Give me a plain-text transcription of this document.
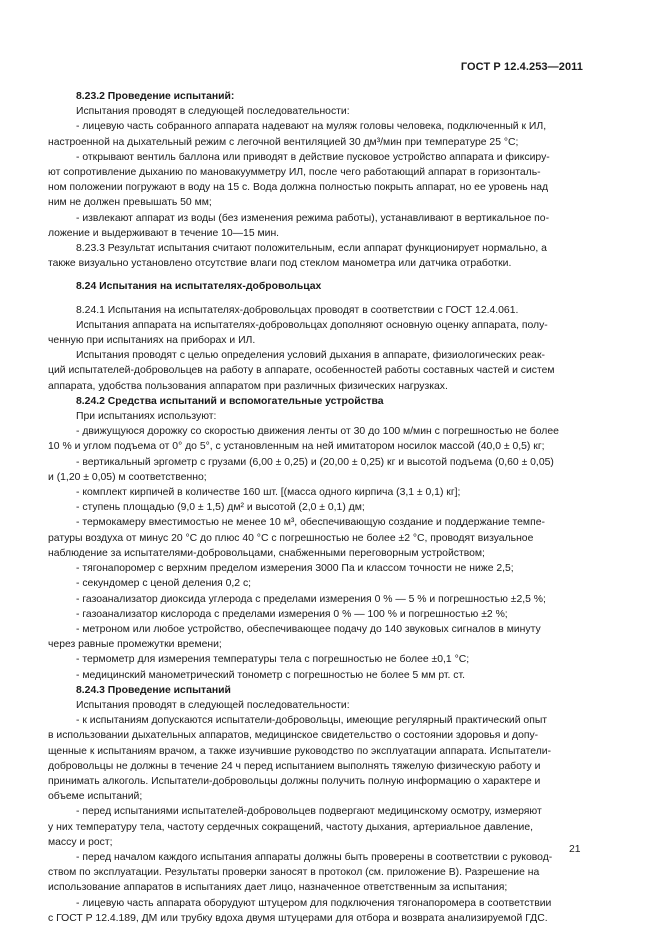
ГОСТ Р 12.4.253—2011
8.23.2 Проведение испытаний:
Испытания проводят в следующей последовательности:
- лицевую часть собранного аппарата надевают на муляж головы человека, подключенный к ИЛ,
настроенной на дыхательный режим с легочной вентиляцией 30 дм³/мин при температуре 25 °С;
- открывают вентиль баллона или приводят в действие пусковое устройство аппарата и фиксиру-
ют сопротивление дыханию по мановакуумметру ИЛ, после чего работающий аппарат в горизонталь-
ном положении погружают в воду на 15 с. Вода должна полностью покрыть аппарат, но ее уровень над
ним не должен превышать 50 мм;
- извлекают аппарат из воды (без изменения режима работы), устанавливают в вертикальное по-
ложение и выдерживают в течение 10—15 мин.
8.23.3 Результат испытания считают положительным, если аппарат функционирует нормально, а
также визуально установлено отсутствие влаги под стеклом манометра или датчика отработки.
8.24 Испытания на испытателях-добровольцах
8.24.1 Испытания на испытателях-добровольцах проводят в соответствии с ГОСТ 12.4.061.
Испытания аппарата на испытателях-добровольцах дополняют основную оценку аппарата, полу-
ченную при испытаниях на приборах и ИЛ.
Испытания проводят с целью определения условий дыхания в аппарате, физиологических реак-
ций испытателей-добровольцев на работу в аппарате, особенностей работы составных частей и систем
аппарата, удобства пользования аппаратом при различных физических нагрузках.
8.24.2 Средства испытаний и вспомогательные устройства
При испытаниях используют:
- движущуюся дорожку со скоростью движения ленты от 30 до 100 м/мин с погрешностью не более
10 % и углом подъема от 0° до 5°, с установленным на ней имитатором носилок массой (40,0 ± 0,5) кг;
- вертикальный эргометр с грузами (6,00 ± 0,25) и (20,00 ± 0,25) кг и высотой подъема (0,60 ± 0,05)
и (1,20 ± 0,05) м соответственно;
- комплект кирпичей в количестве 160 шт. [(масса одного кирпича (3,1 ± 0,1) кг];
- ступень площадью (9,0 ± 1,5) дм² и высотой (2,0 ± 0,1) дм;
- термокамеру вместимостью не менее 10 м³, обеспечивающую создание и поддержание темпе-
ратуры воздуха от минус 20 °С до плюс 40 °С с погрешностью не более ±2 °С, проводят визуальное
наблюдение за испытателями-добровольцами, снабженными переговорным устройством;
- тягонапоромер с верхним пределом измерения 3000 Па и классом точности не ниже 2,5;
- секундомер с ценой деления 0,2 с;
- газоанализатор диоксида углерода с пределами измерения 0 % — 5 % и погрешностью ±2,5 %;
- газоанализатор кислорода с пределами измерения 0 % — 100 % и погрешностью ±2 %;
- метроном или любое устройство, обеспечивающее подачу до 140 звуковых сигналов в минуту
через равные промежутки времени;
- термометр для измерения температуры тела с погрешностью не более ±0,1 °С;
- медицинский манометрический тонометр с погрешностью не более 5 мм рт. ст.
8.24.3 Проведение испытаний
Испытания проводят в следующей последовательности:
- к испытаниям допускаются испытатели-добровольцы, имеющие регулярный практический опыт
в использовании дыхательных аппаратов, медицинское свидетельство о состоянии здоровья и допу-
щенные к испытаниям врачом, а также изучившие руководство по эксплуатации аппарата. Испытатели-
добровольцы не должны в течение 24 ч перед испытанием выполнять тяжелую физическую работу и
принимать алкоголь. Испытатели-добровольцы должны получить полную информацию о характере и
объеме испытаний;
- перед испытаниями испытателей-добровольцев подвергают медицинскому осмотру, измеряют
у них температуру тела, частоту сердечных сокращений, частоту дыхания, артериальное давление,
массу и рост;
- перед началом каждого испытания аппараты должны быть проверены в соответствии с руковод-
ством по эксплуатации. Результаты проверки заносят в протокол (см. приложение В). Разрешение на
использование аппаратов в испытаниях дает лицо, назначенное ответственным за испытания;
- лицевую часть аппарата оборудуют штуцером для подключения тягонапоромера в соответствии
с ГОСТ Р 12.4.189, ДМ или трубку вдоха двумя штуцерами для отбора и возврата анализируемой ГДС.
21
